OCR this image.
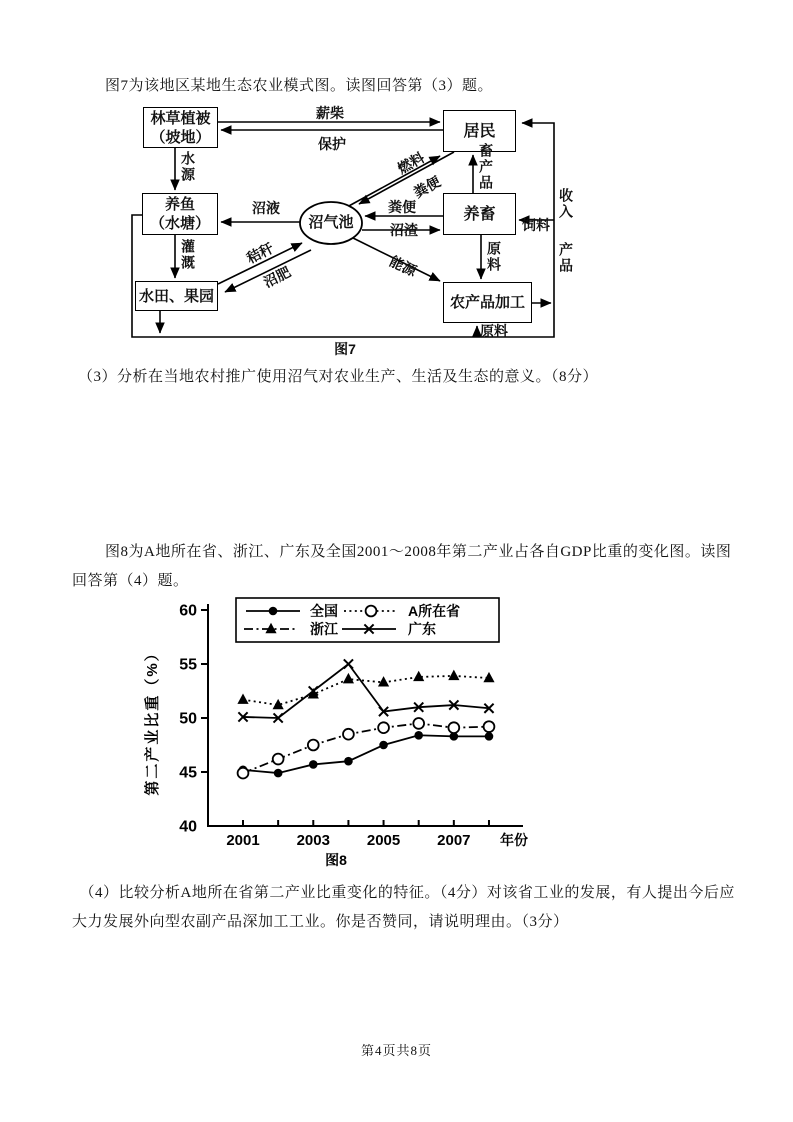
图7为该地区某地生态农业模式图。读图回答第（3）题。
林草植被
（坡地）	居民
养鱼
（水塘）
养畜
水田、果园	农产品加工
沼气池
薪柴
保护
沼液	粪便
沼渣	饲料
原料
图7
水源
灌溉
畜产品
原料
收入
产品
秸秆
沼肥
燃料
粪便
能源
（3）分析在当地农村推广使用沼气对农业生产、生活及生态的意义。（8分）
图8为A地所在省、浙江、广东及全国2001～2008年第二产业占各自GDP比重的变化图。读图回答第（4）题。
40
45
50
55
60
2001 2003 2005 2007 年份
第二产业比重（%）
图8
全国	A所在省
浙江	广东
（4）比较分析A地所在省第二产业比重变化的特征。（4分）对该省工业的发展，有人提出今后应大力发展外向型农副产品深加工工业。你是否赞同，请说明理由。（3分）
第4页共8页
